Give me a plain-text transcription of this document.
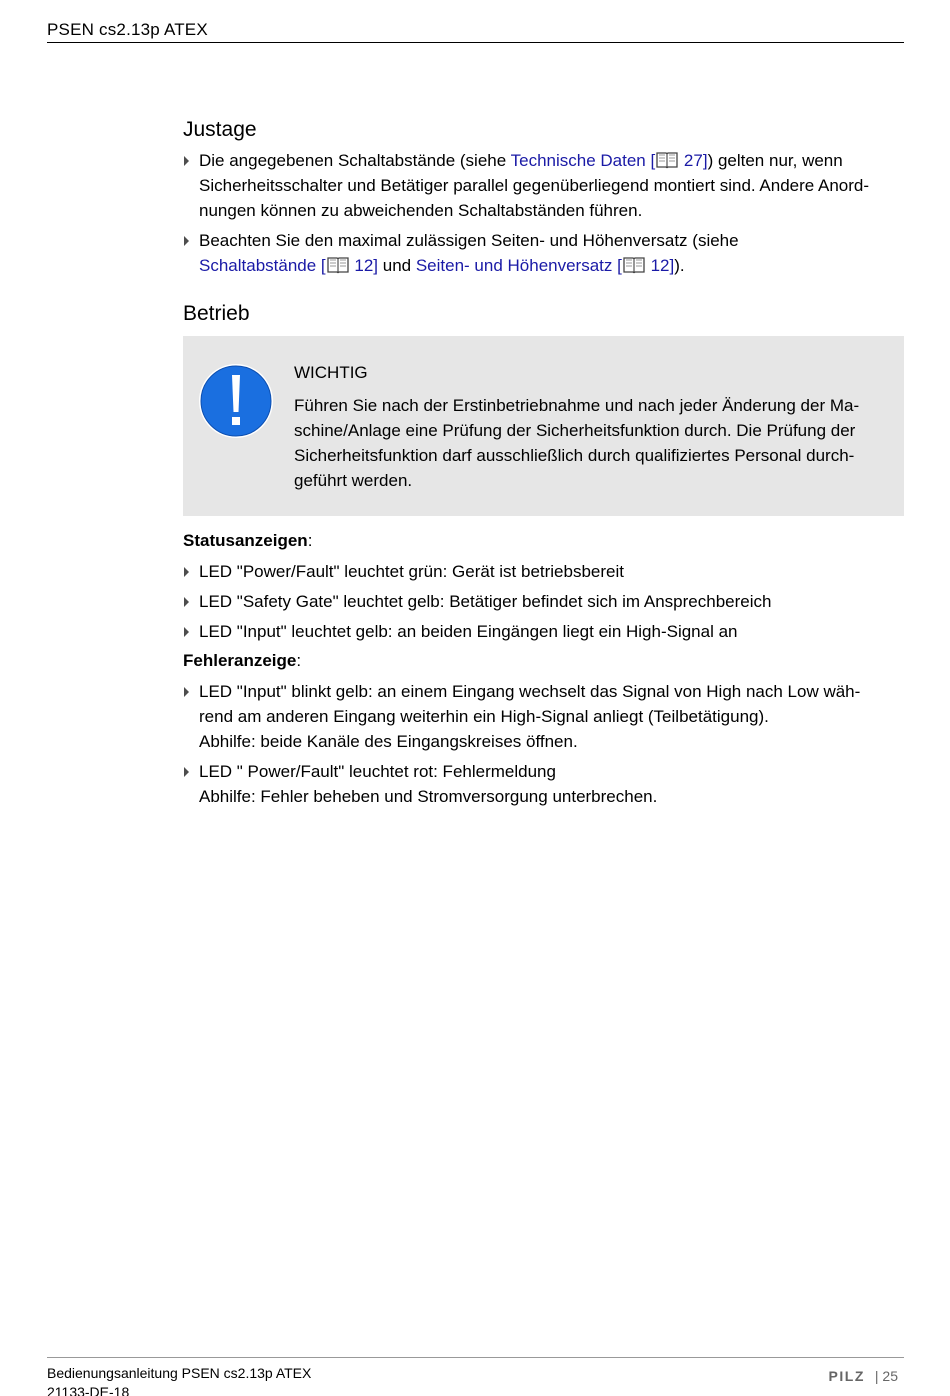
PSEN cs2.13p ATEX
Justage
Die angegebenen Schaltabstände (siehe Technische Daten [ 27]) gelten nur, wenn
Sicherheitsschalter und Betätiger parallel gegenüberliegend montiert sind. Andere Anord-
nungen können zu abweichenden Schaltabständen führen.
Beachten Sie den maximal zulässigen Seiten- und Höhenversatz (siehe
Schaltabstände [ 12] und Seiten- und Höhenversatz [ 12]).
Betrieb
WICHTIG
Führen Sie nach der Erstinbetriebnahme und nach jeder Änderung der Ma-
schine/Anlage eine Prüfung der Sicherheitsfunktion durch. Die Prüfung der
Sicherheitsfunktion darf ausschließlich durch qualifiziertes Personal durch-
geführt werden.
Statusanzeigen:
LED "Power/Fault" leuchtet grün: Gerät ist betriebsbereit
LED "Safety Gate" leuchtet gelb: Betätiger befindet sich im Ansprechbereich
LED "Input" leuchtet gelb: an beiden Eingängen liegt ein High-Signal an
Fehleranzeige:
LED "Input" blinkt gelb: an einem Eingang wechselt das Signal von High nach Low wäh-
rend am anderen Eingang weiterhin ein High-Signal anliegt (Teilbetätigung).
Abhilfe: beide Kanäle des Eingangskreises öffnen.
LED " Power/Fault" leuchtet rot: Fehlermeldung
Abhilfe: Fehler beheben und Stromversorgung unterbrechen.
Bedienungsanleitung PSEN cs2.13p ATEX
21133-DE-18
PILZ | 25
